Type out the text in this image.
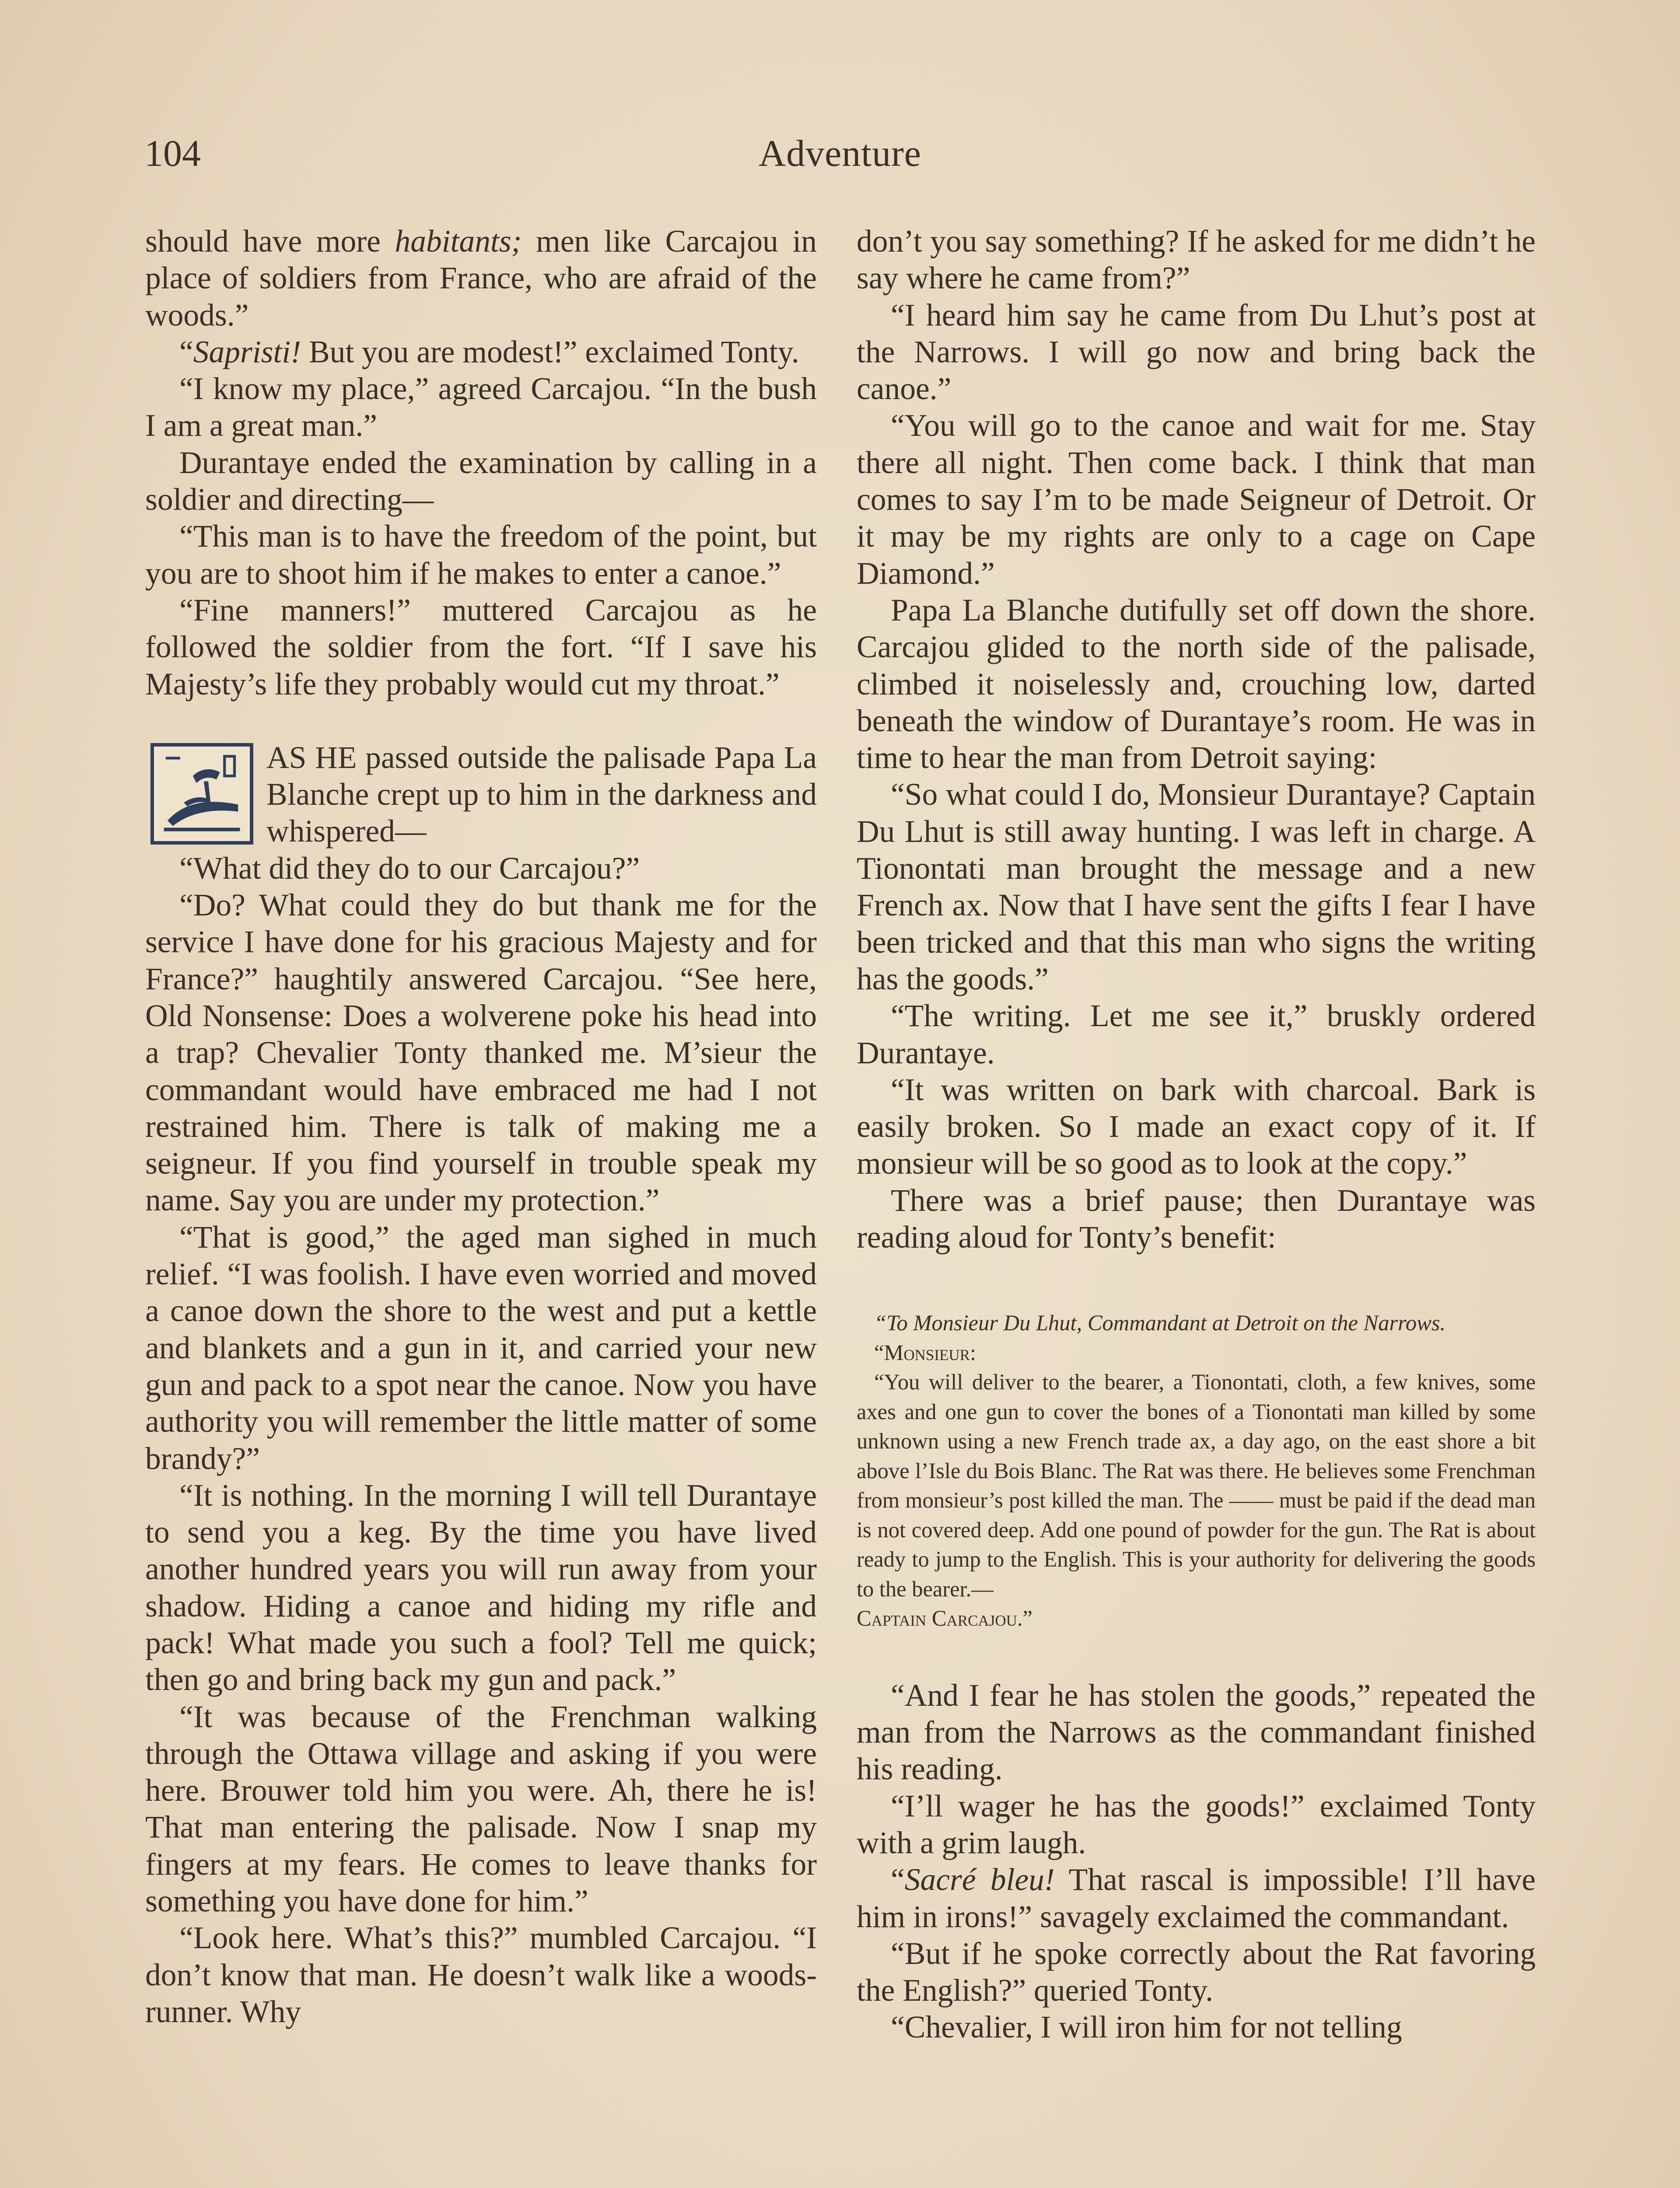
104	Adventure

should have more habitants; men like Carcajou in place of soldiers from France, who are afraid of the woods.”

“Sapristi! But you are modest!” exclaimed Tonty.

“I know my place,” agreed Carcajou. “In the bush I am a great man.”

Durantaye ended the examination by calling in a soldier and directing—

“This man is to have the freedom of the point, but you are to shoot him if he makes to enter a canoe.”

“Fine manners!” muttered Carcajou as he followed the soldier from the fort. “If I save his Majesty’s life they probably would cut my throat.”

AS HE passed outside the palisade Papa La Blanche crept up to him in the darkness and whispered—

“What did they do to our Carcajou?”

“Do? What could they do but thank me for the service I have done for his gracious Majesty and for France?” haughtily answered Carcajou. “See here, Old Nonsense: Does a wolverene poke his head into a trap? Chevalier Tonty thanked me. M’sieur the commandant would have embraced me had I not restrained him. There is talk of making me a seigneur. If you find yourself in trouble speak my name. Say you are under my protection.”

“That is good,” the aged man sighed in much relief. “I was foolish. I have even worried and moved a canoe down the shore to the west and put a kettle and blankets and a gun in it, and carried your new gun and pack to a spot near the canoe. Now you have authority you will remember the little matter of some brandy?”

“It is nothing. In the morning I will tell Durantaye to send you a keg. By the time you have lived another hundred years you will run away from your shadow. Hiding a canoe and hiding my rifle and pack! What made you such a fool? Tell me quick; then go and bring back my gun and pack.”

“It was because of the Frenchman walking through the Ottawa village and asking if you were here. Brouwer told him you were. Ah, there he is! That man entering the palisade. Now I snap my fingers at my fears. He comes to leave thanks for something you have done for him.”

“Look here. What’s this?” mumbled Carcajou. “I don’t know that man. He doesn’t walk like a woods-runner. Why

don’t you say something? If he asked for me didn’t he say where he came from?”

“I heard him say he came from Du Lhut’s post at the Narrows. I will go now and bring back the canoe.”

“You will go to the canoe and wait for me. Stay there all night. Then come back. I think that man comes to say I’m to be made Seigneur of Detroit. Or it may be my rights are only to a cage on Cape Diamond.”

Papa La Blanche dutifully set off down the shore. Carcajou glided to the north side of the palisade, climbed it noiselessly and, crouching low, darted beneath the window of Durantaye’s room. He was in time to hear the man from Detroit saying:

“So what could I do, Monsieur Durantaye? Captain Du Lhut is still away hunting. I was left in charge. A Tionontati man brought the message and a new French ax. Now that I have sent the gifts I fear I have been tricked and that this man who signs the writing has the goods.”

“The writing. Let me see it,” bruskly ordered Durantaye.

“It was written on bark with charcoal. Bark is easily broken. So I made an exact copy of it. If monsieur will be so good as to look at the copy.”

There was a brief pause; then Durantaye was reading aloud for Tonty’s benefit:

“To Monsieur Du Lhut, Commandant at Detroit on the Narrows.

“Monsieur:

“You will deliver to the bearer, a Tionontati, cloth, a few knives, some axes and one gun to cover the bones of a Tionontati man killed by some unknown using a new French trade ax, a day ago, on the east shore a bit above l’Isle du Bois Blanc. The Rat was there. He believes some Frenchman from monsieur’s post killed the man. The —— must be paid if the dead man is not covered deep. Add one pound of powder for the gun. The Rat is about ready to jump to the English. This is your authority for delivering the goods to the bearer.—

Captain Carcajou.”

“And I fear he has stolen the goods,” repeated the man from the Narrows as the commandant finished his reading.

“I’ll wager he has the goods!” exclaimed Tonty with a grim laugh.

“Sacré bleu! That rascal is impossible! I’ll have him in irons!” savagely exclaimed the commandant.

“But if he spoke correctly about the Rat favoring the English?” queried Tonty.

“Chevalier, I will iron him for not telling
